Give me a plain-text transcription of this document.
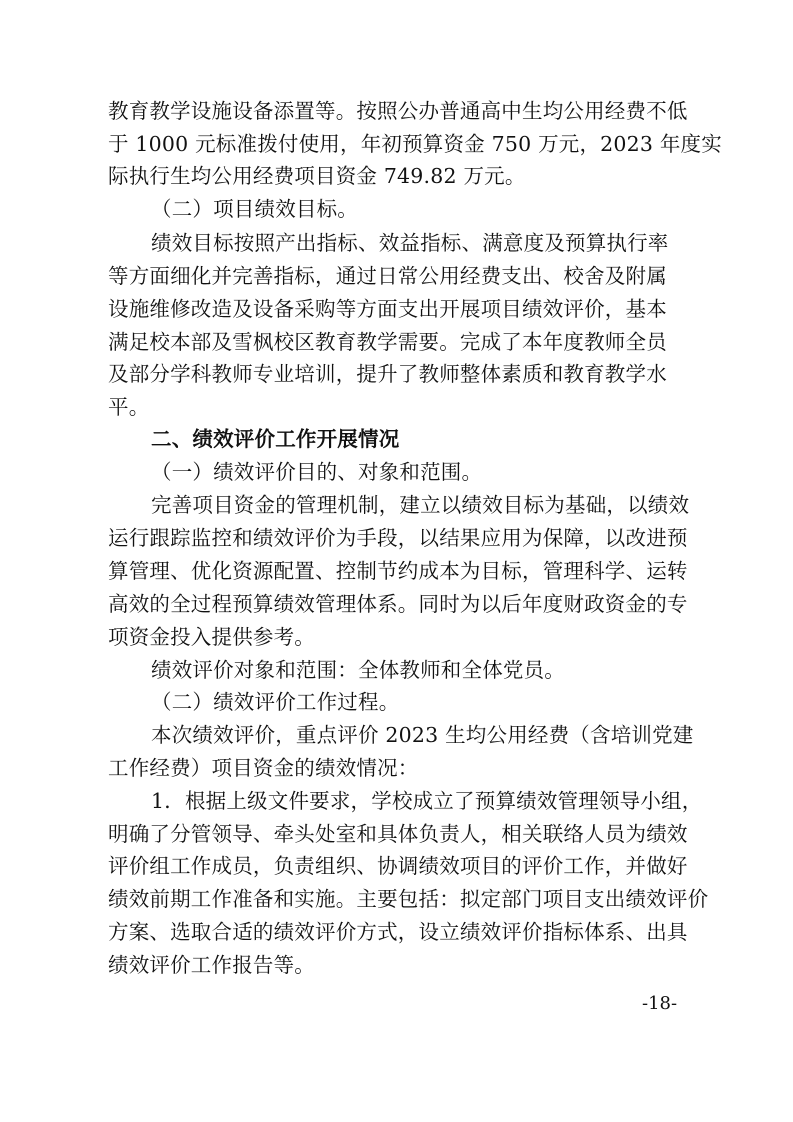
教育教学设施设备添置等。按照公办普通高中生均公用经费不低
于 1000 元标准拨付使用，年初预算资金 750 万元，2023 年度实
际执行生均公用经费项目资金 749.82 万元。
（二）项目绩效目标。
绩效目标按照产出指标、效益指标、满意度及预算执行率
等方面细化并完善指标，通过日常公用经费支出、校舍及附属
设施维修改造及设备采购等方面支出开展项目绩效评价，基本
满足校本部及雪枫校区教育教学需要。完成了本年度教师全员
及部分学科教师专业培训，提升了教师整体素质和教育教学水
平。
二、绩效评价工作开展情况
（一）绩效评价目的、对象和范围。
完善项目资金的管理机制，建立以绩效目标为基础，以绩效
运行跟踪监控和绩效评价为手段，以结果应用为保障，以改进预
算管理、优化资源配置、控制节约成本为目标，管理科学、运转
高效的全过程预算绩效管理体系。同时为以后年度财政资金的专
项资金投入提供参考。
绩效评价对象和范围：全体教师和全体党员。
（二）绩效评价工作过程。
本次绩效评价，重点评价 2023 生均公用经费（含培训党建
工作经费）项目资金的绩效情况：
1．根据上级文件要求，学校成立了预算绩效管理领导小组，
明确了分管领导、牵头处室和具体负责人，相关联络人员为绩效
评价组工作成员，负责组织、协调绩效项目的评价工作，并做好
绩效前期工作准备和实施。主要包括：拟定部门项目支出绩效评价
方案、选取合适的绩效评价方式，设立绩效评价指标体系、出具
绩效评价工作报告等。
-18-
